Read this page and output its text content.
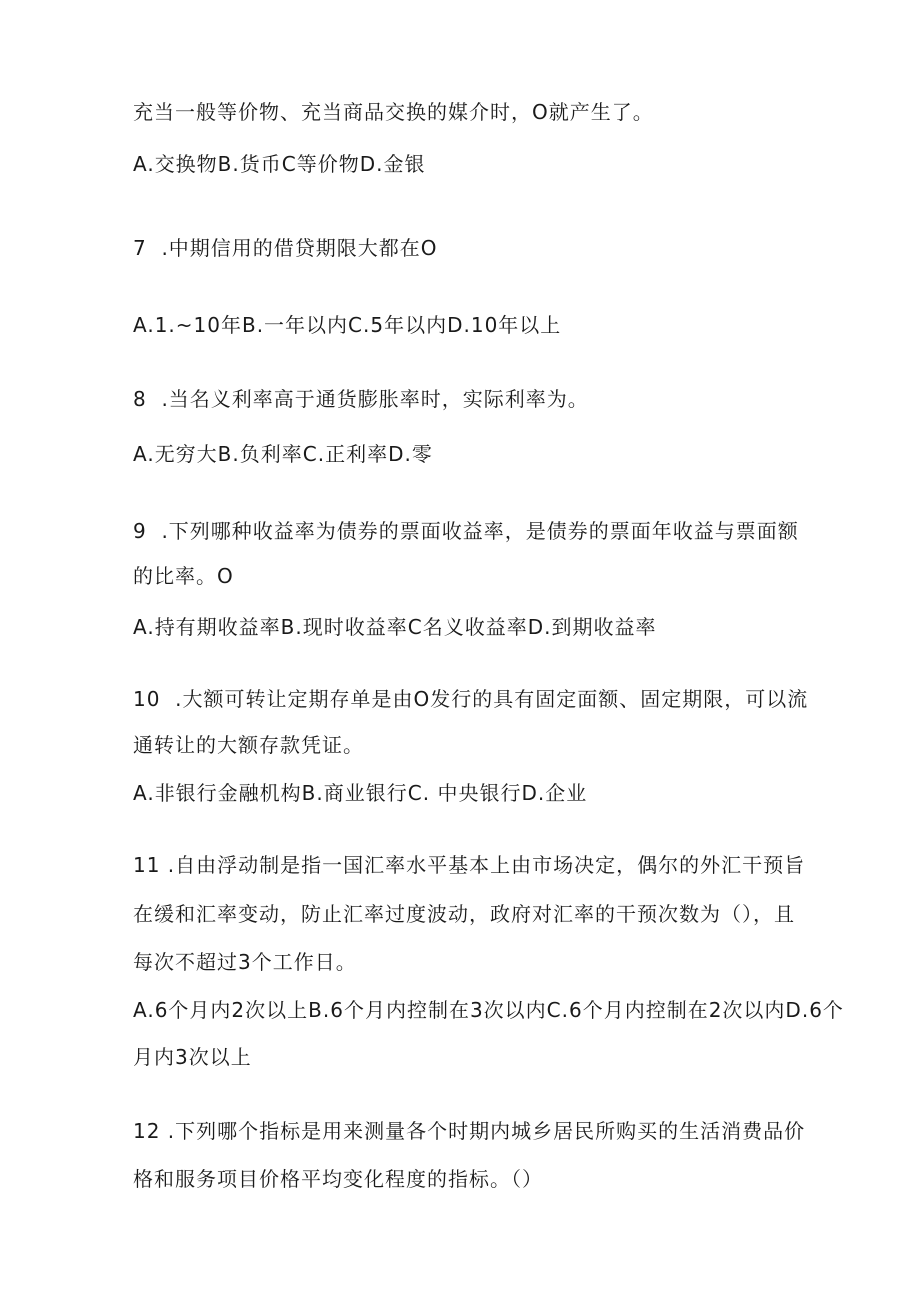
充当一般等价物、充当商品交换的媒介时，O就产生了。
A.交换物B.货币C等价物D.金银
7  .中期信用的借贷期限大都在O
A.1.~10年B.一年以内C.5年以内D.10年以上
8  .当名义利率高于通货膨胀率时，实际利率为。
A.无穷大B.负利率C.正利率D.零
9  .下列哪种收益率为债券的票面收益率，是债券的票面年收益与票面额
的比率。O
A.持有期收益率B.现时收益率C名义收益率D.到期收益率
10  .大额可转让定期存单是由O发行的具有固定面额、固定期限，可以流
通转让的大额存款凭证。
A.非银行金融机构B.商业银行C. 中央银行D.企业
11 .自由浮动制是指一国汇率水平基本上由市场决定，偶尔的外汇干预旨
在缓和汇率变动，防止汇率过度波动，政府对汇率的干预次数为（），且
每次不超过3个工作日。
A.6个月内2次以上B.6个月内控制在3次以内C.6个月内控制在2次以内D.6个
月内3次以上
12 .下列哪个指标是用来测量各个时期内城乡居民所购买的生活消费品价
格和服务项目价格平均变化程度的指标。（）
